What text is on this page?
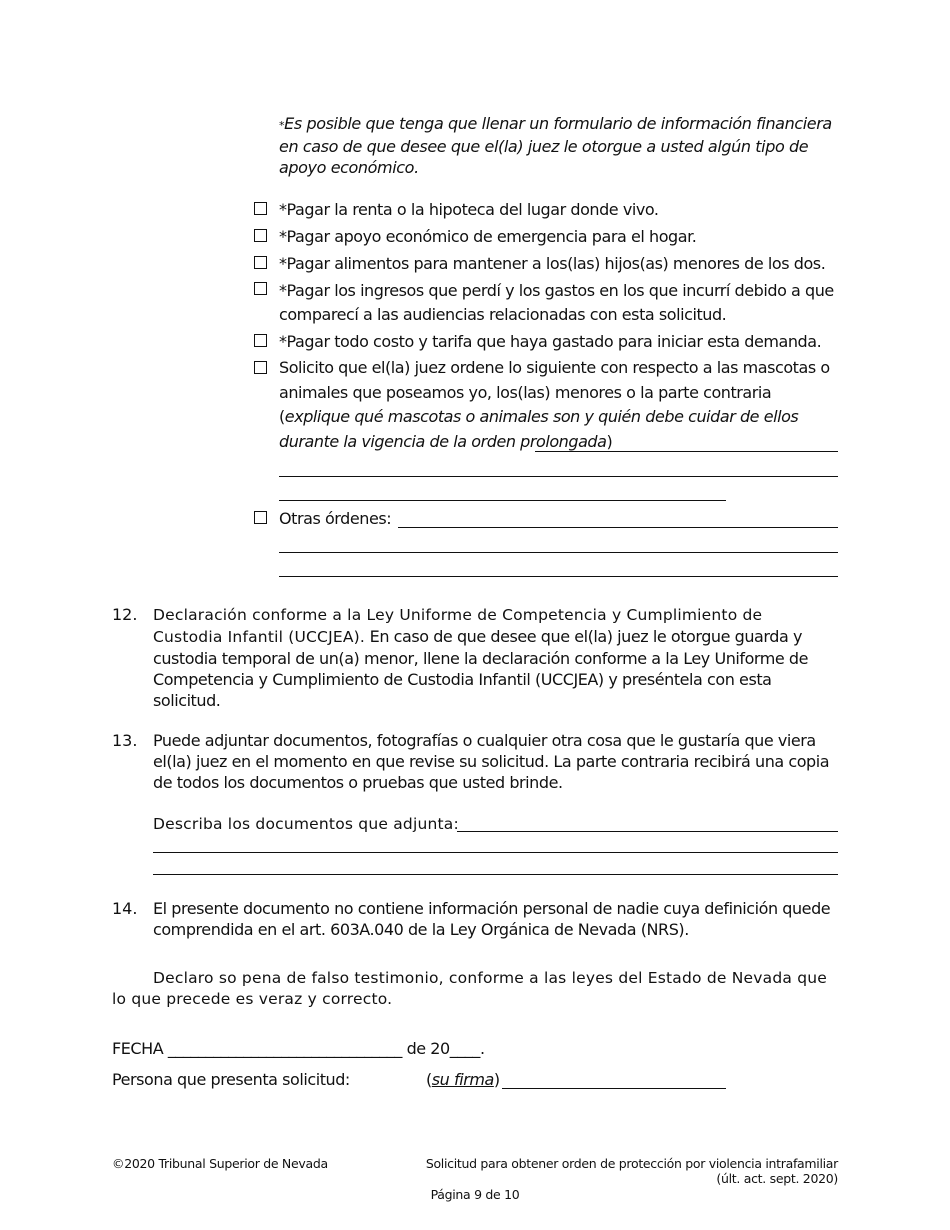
*Es posible que tenga que llenar un formulario de información financiera en caso de que desee que el(la) juez le otorgue a usted algún tipo de apoyo económico.
*Pagar la renta o la hipoteca del lugar donde vivo.
*Pagar apoyo económico de emergencia para el hogar.
*Pagar alimentos para mantener a los(las) hijos(as) menores de los dos.
*Pagar los ingresos que perdí y los gastos en los que incurrí debido a que comparecí a las audiencias relacionadas con esta solicitud.
*Pagar todo costo y tarifa que haya gastado para iniciar esta demanda.
Solicito que el(la) juez ordene lo siguiente con respecto a las mascotas o animales que poseamos yo, los(las) menores o la parte contraria (explique qué mascotas o animales son y quién debe cuidar de ellos durante la vigencia de la orden prolongada)
Otras órdenes:
12. Declaración conforme a la Ley Uniforme de Competencia y Cumplimiento de Custodia Infantil (UCCJEA). En caso de que desee que el(la) juez le otorgue guarda y custodia temporal de un(a) menor, llene la declaración conforme a la Ley Uniforme de Competencia y Cumplimiento de Custodia Infantil (UCCJEA) y preséntela con esta solicitud.
13. Puede adjuntar documentos, fotografías o cualquier otra cosa que le gustaría que viera el(la) juez en el momento en que revise su solicitud. La parte contraria recibirá una copia de todos los documentos o pruebas que usted brinde.
Describa los documentos que adjunta:
14. El presente documento no contiene información personal de nadie cuya definición quede comprendida en el art. 603A.040 de la Ley Orgánica de Nevada (NRS).
Declaro so pena de falso testimonio, conforme a las leyes del Estado de Nevada que lo que precede es veraz y correcto.
FECHA _______________________________ de 20____.
Persona que presenta solicitud:	(su firma)
©2020 Tribunal Superior de Nevada	Solicitud para obtener orden de protección por violencia intrafamiliar
(últ. act. sept. 2020)
Página 9 de 10
